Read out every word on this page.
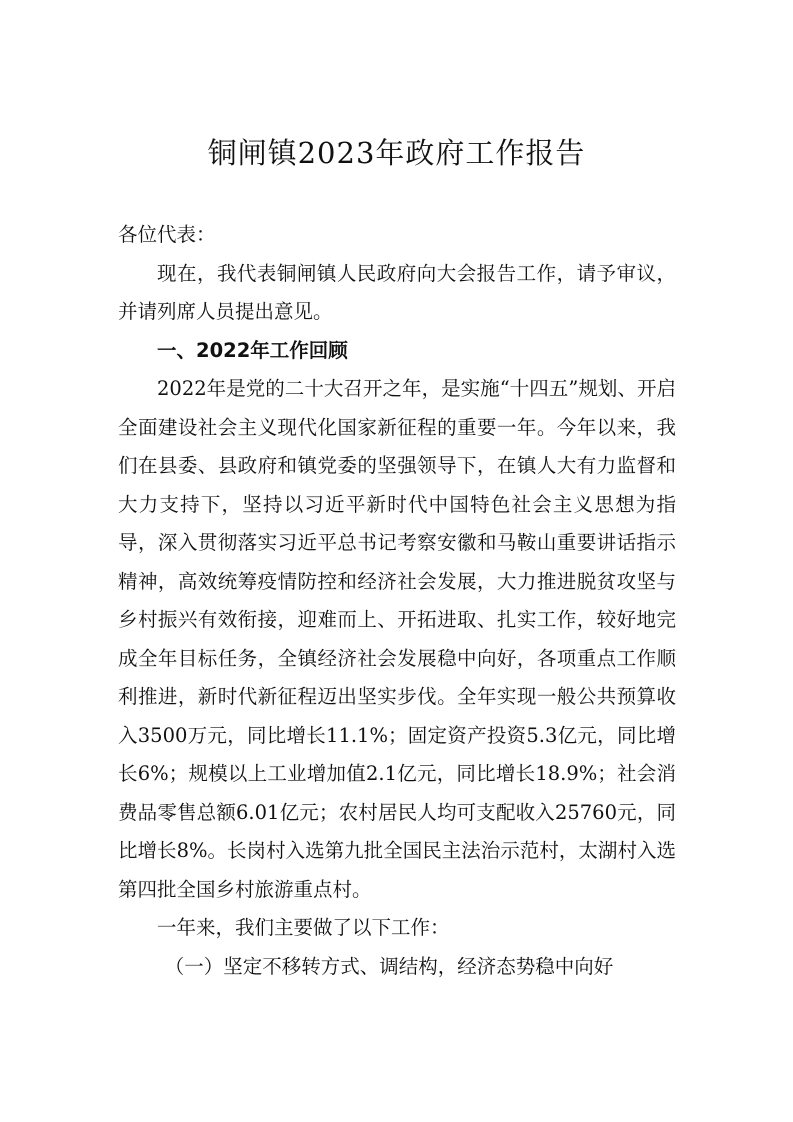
铜闸镇2023年政府工作报告

各位代表：

现在，我代表铜闸镇人民政府向大会报告工作，请予审议，并请列席人员提出意见。

一、2022年工作回顾

2022年是党的二十大召开之年，是实施“十四五”规划、开启全面建设社会主义现代化国家新征程的重要一年。今年以来，我们在县委、县政府和镇党委的坚强领导下，在镇人大有力监督和大力支持下，坚持以习近平新时代中国特色社会主义思想为指导，深入贯彻落实习近平总书记考察安徽和马鞍山重要讲话指示精神，高效统筹疫情防控和经济社会发展，大力推进脱贫攻坚与乡村振兴有效衔接，迎难而上、开拓进取、扎实工作，较好地完成全年目标任务，全镇经济社会发展稳中向好，各项重点工作顺利推进，新时代新征程迈出坚实步伐。全年实现一般公共预算收入3500万元，同比增长11.1%；固定资产投资5.3亿元，同比增长6%；规模以上工业增加值2.1亿元，同比增长18.9%；社会消费品零售总额6.01亿元；农村居民人均可支配收入25760元，同比增长8%。长岗村入选第九批全国民主法治示范村，太湖村入选第四批全国乡村旅游重点村。

一年来，我们主要做了以下工作：

（一）坚定不移转方式、调结构，经济态势稳中向好
